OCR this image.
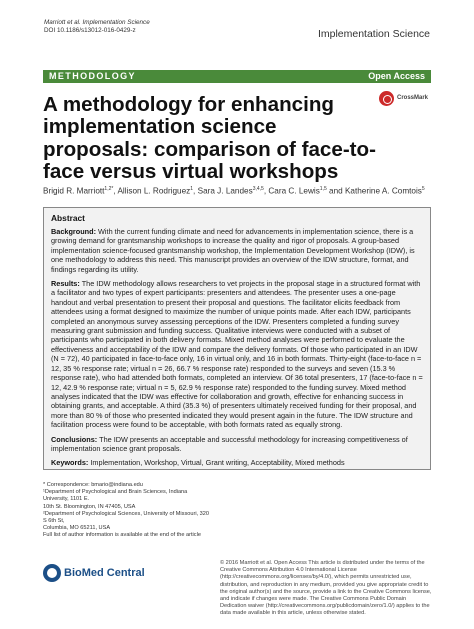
Marriott et al. Implementation Science
DOI 10.1186/s13012-016-0429-z	Implementation Science
METHODOLOGY	Open Access
CrossMark
A methodology for enhancing implementation science proposals: comparison of face-to-face versus virtual workshops
Brigid R. Marriott$^{1,2*}$, Allison L. Rodriguez$^1$, Sara J. Landes$^{3,4,5}$, Cara C. Lewis$^{1,5}$ and Katherine A. Comtois$^5$
Abstract

Background: With the current funding climate and need for advancements in implementation science, there is a growing demand for grantsmanship workshops to increase the quality and rigor of proposals. A group-based implementation science-focused grantsmanship workshop, the Implementation Development Workshop (IDW), is one methodology to address this need. This manuscript provides an overview of the IDW structure, format, and findings regarding its utility.

Results: The IDW methodology allows researchers to vet projects in the proposal stage in a structured format with a facilitator and two types of expert participants: presenters and attendees. The presenter uses a one-page handout and verbal presentation to present their proposal and questions. The facilitator elicits feedback from attendees using a format designed to maximize the number of unique points made. After each IDW, participants completed an anonymous survey assessing perceptions of the IDW. Presenters completed a funding survey measuring grant submission and funding success. Qualitative interviews were conducted with a subset of participants who participated in both delivery formats. Mixed method analyses were performed to evaluate the effectiveness and acceptability of the IDW and compare the delivery formats. Of those who participated in an IDW (N = 72), 40 participated in face-to-face only, 16 in virtual only, and 16 in both formats. Thirty-eight (face-to-face n = 12, 35 % response rate; virtual n = 26, 66.7 % response rate) responded to the surveys and seven (15.3 % response rate), who had attended both formats, completed an interview. Of 36 total presenters, 17 (face-to-face n = 12, 42.9 % response rate; virtual n = 5, 62.9 % response rate) responded to the funding survey. Mixed method analyses indicated that the IDW was effective for collaboration and growth, effective for enhancing success in obtaining grants, and acceptable. A third (35.3 %) of presenters ultimately received funding for their proposal, and more than 80 % of those who presented indicated they would present again in the future. The IDW structure and facilitation process were found to be acceptable, with both formats rated as equally strong.

Conclusions: The IDW presents an acceptable and successful methodology for increasing competitiveness of implementation science grant proposals.

Keywords: Implementation, Workshop, Virtual, Grant writing, Acceptability, Mixed methods

* Correspondence: bmario@indiana.edu
¹Department of Psychological and Brain Sciences, Indiana University, 1101 E.
10th St. Bloomington, IN 47405, USA
²Department of Psychological Sciences, University of Missouri, 320 S 6th St,
Columbia, MO 65211, USA
Full list of author information is available at the end of the article
BioMed Central
© 2016 Marriott et al. Open Access This article is distributed under the terms of the Creative Commons Attribution 4.0 International License (http://creativecommons.org/licenses/by/4.0/), which permits unrestricted use, distribution, and reproduction in any medium, provided you give appropriate credit to the original author(s) and the source, provide a link to the Creative Commons license, and indicate if changes were made. The Creative Commons Public Domain Dedication waiver (http://creativecommons.org/publicdomain/zero/1.0/) applies to the data made available in this article, unless otherwise stated.
